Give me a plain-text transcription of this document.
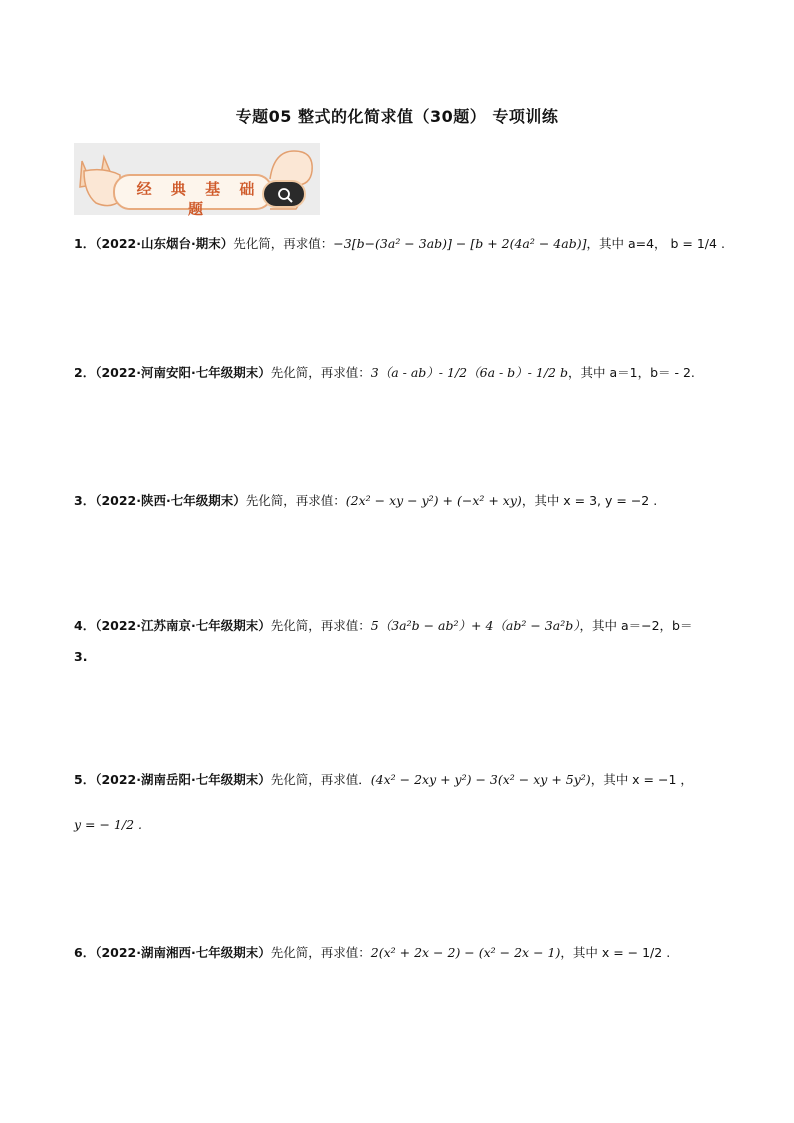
专题05 整式的化简求值（30题） 专项训练
经 典 基 础 题
1．（2022·山东烟台·期末）先化简，再求值：−3[b−(3a² − 3ab)] − [b + 2(4a² − 4ab)]，其中 a=4， b = 1/4 .
2．（2022·河南安阳·七年级期末）先化简，再求值：3（a - ab）- 1/2（6a - b）- 1/2 b，其中 a＝1，b＝ - 2.
3．（2022·陕西·七年级期末）先化简，再求值：(2x² − xy − y²) + (−x² + xy)，其中 x = 3, y = −2 .
4．（2022·江苏南京·七年级期末）先化简，再求值：5（3a²b − ab²）+ 4（ab² − 3a²b），其中 a＝−2，b＝
3.
5．（2022·湖南岳阳·七年级期末）先化简，再求值．(4x² − 2xy + y²) − 3(x² − xy + 5y²)，其中 x = −1 ，
y = − 1/2 .
6．（2022·湖南湘西·七年级期末）先化简，再求值：2(x² + 2x − 2) − (x² − 2x − 1)，其中 x = − 1/2 .
